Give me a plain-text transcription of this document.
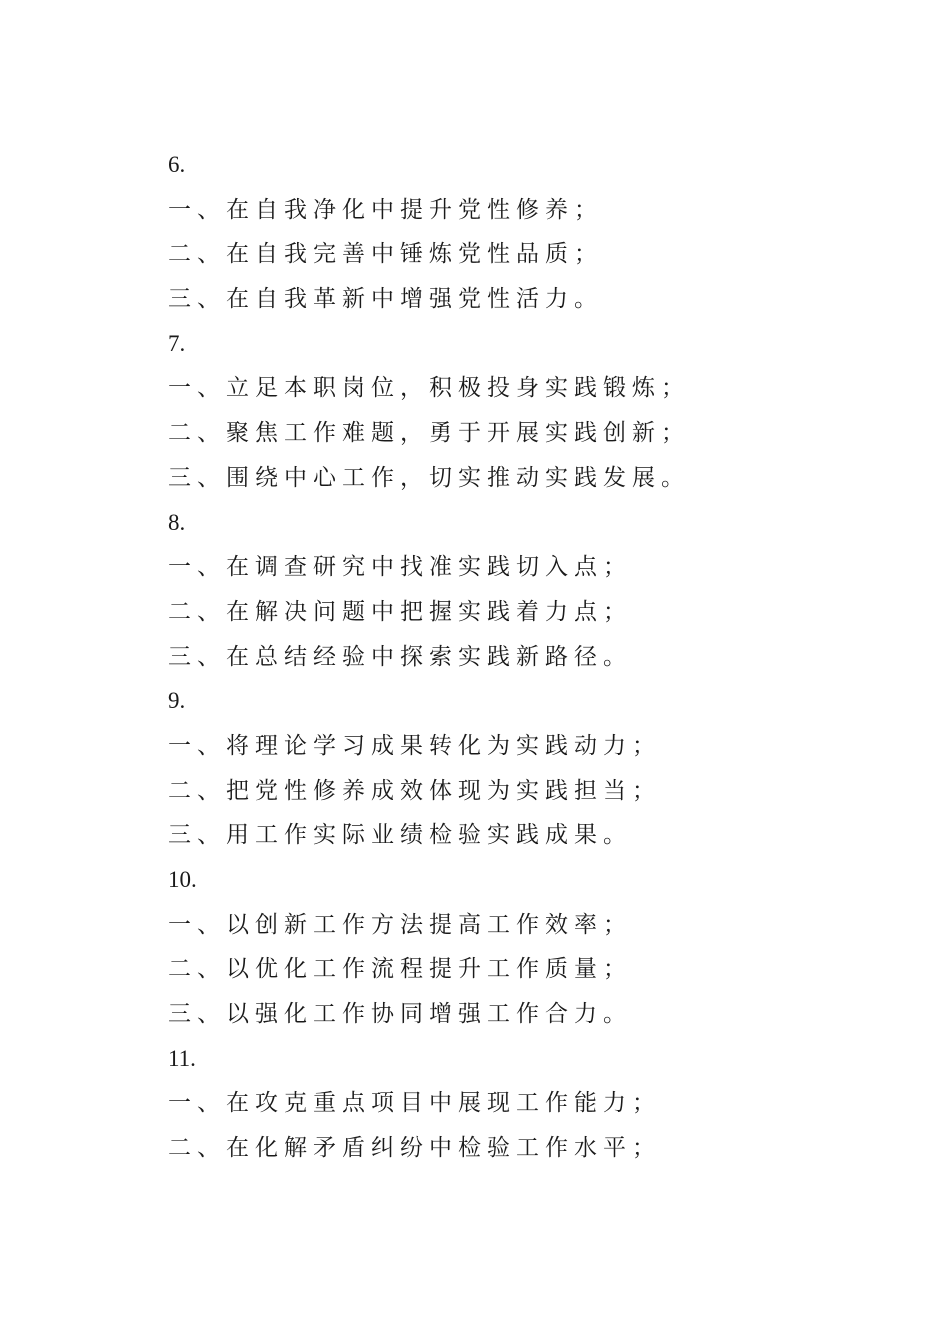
6.
一、在自我净化中提升党性修养；
二、在自我完善中锤炼党性品质；
三、在自我革新中增强党性活力。
7.
一、立足本职岗位，积极投身实践锻炼；
二、聚焦工作难题，勇于开展实践创新；
三、围绕中心工作，切实推动实践发展。
8.
一、在调查研究中找准实践切入点；
二、在解决问题中把握实践着力点；
三、在总结经验中探索实践新路径。
9.
一、将理论学习成果转化为实践动力；
二、把党性修养成效体现为实践担当；
三、用工作实际业绩检验实践成果。
10.
一、以创新工作方法提高工作效率；
二、以优化工作流程提升工作质量；
三、以强化工作协同增强工作合力。
11.
一、在攻克重点项目中展现工作能力；
二、在化解矛盾纠纷中检验工作水平；
